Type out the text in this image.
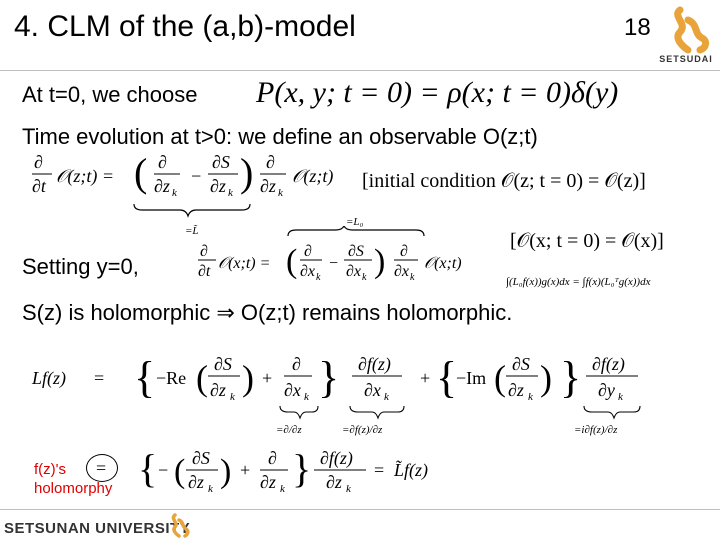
4. CLM of the (a,b)-model	18
SETSUDAI
At t=0, we choose P(x, y; t = 0) = ρ(x; t = 0)δ(y)
Time evolution at t>0: we define an observable O(z;t)
∂
∂t 𝒪(z;t) = ( ∂
∂z k
−
∂S
∂z k ) ∂
∂z k
𝒪(z;t)
=L̃
[initial condition 𝒪(z; t = 0) = 𝒪(z)]
Setting y=0,
=L₀
∂
∂t 𝒪(x;t) = ( ∂
∂x k
−
∂S
∂x k ) ∂
∂x k
𝒪(x;t)
[𝒪(x; t = 0) = 𝒪(x)]
∫(L₀f(x))g(x)dx = ∫f(x)(L₀ᵀg(x))dx
S(z) is holomorphic ⇒ O(z;t) remains holomorphic.
Lf(z) = { −Re ( ∂S
∂z k ) +
∂
∂x k } ∂f(z)
∂x k
+ {
−Im ( ∂S
∂z k ) } ∂f(z)
∂y k
=∂/∂z	=∂f(z)/∂z	=i∂f(z)/∂z
f(z)'s
holomorphy
= { − ( ∂S
∂z k ) +
∂
∂z k } ∂f(z)
∂z k
= L̃f(z)
SETSUNAN UNIVERSITY
